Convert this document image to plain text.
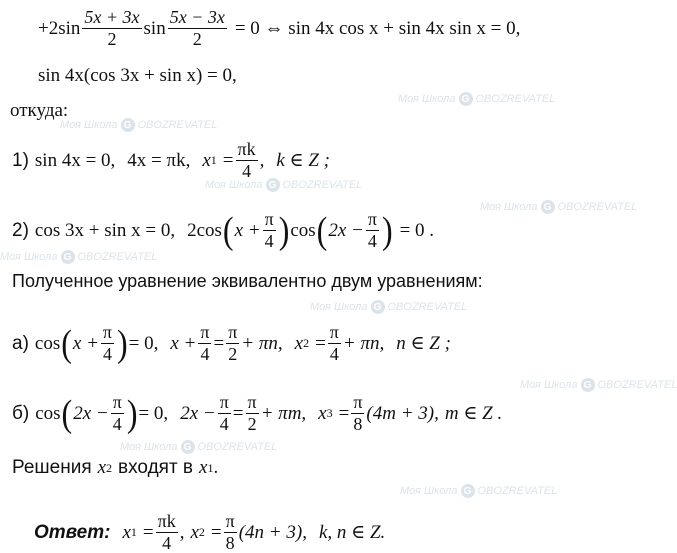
$+2\sin \frac{5x + 3x}{2}$ $\sin \frac{5x - 3x}{2} = 0$ ⇔ sin 4x cos x + sin 4x sin x = 0,
sin 4x(cos 3x + sin x) = 0,
откуда:
1) sin 4x = 0, 4x = πk, x $1 = \frac{\pi k}{4}$ , k ∈ Z ;
2) cos 3x + sin x = 0, 2cos ( $x + \frac{\pi}{4}$ ) cos ( $2x - \frac{\pi}{4}$ ) = 0 .
Полученное уравнение эквивалентно двум уравнениям:
а) cos ( $x + \frac{\pi}{4}$ ) = 0, $x + \frac{\pi}{4} = \frac{\pi}{2} + \pi n$, x $2 = \frac{\pi}{4} + \pi n$, n ∈ Z ;
б) cos ( $2x - \frac{\pi}{4}$ ) = 0, $2x - \frac{\pi}{4} = \frac{\pi}{2} + \pi m$, x $3 = \frac{\pi}{8} (4m + 3)$, m ∈ Z .
Решения x 2 входят в x 1 .
Ответ: x $1 = \frac{\pi k}{4}$ , x $2 = \frac{\pi}{8} (4n + 3)$, k, n ∈ Z.
Моя Школа G OBOZREVATEL
Моя Школа G OBOZREVATEL
Моя Школа G OBOZREVATEL
Моя Школа G OBOZREVATEL
Моя Школа G OBOZREVATEL
Моя Школа G OBOZREVATEL
Моя Школа G OBOZREVATEL
Моя Школа G OBOZREVATEL
Моя Школа G OBOZREVATEL
